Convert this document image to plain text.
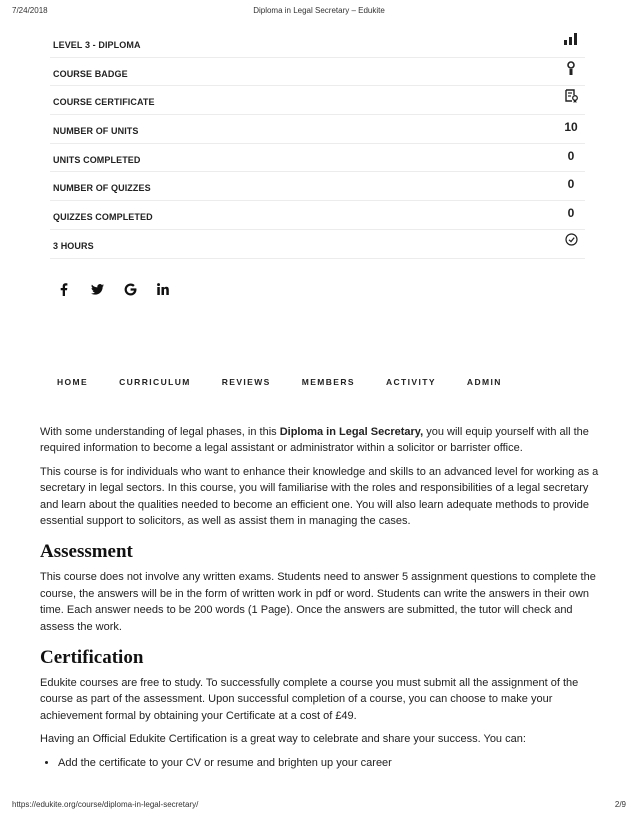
7/24/2018	Diploma in Legal Secretary – Edukite
LEVEL 3 - DIPLOMA
COURSE BADGE
COURSE CERTIFICATE
NUMBER OF UNITS	10
UNITS COMPLETED	0
NUMBER OF QUIZZES	0
QUIZZES COMPLETED	0
3 HOURS
HOME	CURRICULUM	REVIEWS	MEMBERS	ACTIVITY	ADMIN

With some understanding of legal phases, in this Diploma in Legal Secretary, you will equip yourself with all the required information to become a legal assistant or administrator within a solicitor or barrister office.

This course is for individuals who want to enhance their knowledge and skills to an advanced level for working as a secretary in legal sectors. In this course, you will familiarise with the roles and responsibilities of a legal secretary and learn about the qualities needed to become an efficient one. You will also learn adequate methods to provide essential support to solicitors, as well as assist them in managing the cases.

Assessment

This course does not involve any written exams. Students need to answer 5 assignment questions to complete the course, the answers will be in the form of written work in pdf or word. Students can write the answers in their own time. Each answer needs to be 200 words (1 Page). Once the answers are submitted, the tutor will check and assess the work.

Certification

Edukite courses are free to study. To successfully complete a course you must submit all the assignment of the course as part of the assessment. Upon successful completion of a course, you can choose to make your achievement formal by obtaining your Certificate at a cost of £49.

Having an Official Edukite Certification is a great way to celebrate and share your success. You can:

• Add the certificate to your CV or resume and brighten up your career
https://edukite.org/course/diploma-in-legal-secretary/	2/9
